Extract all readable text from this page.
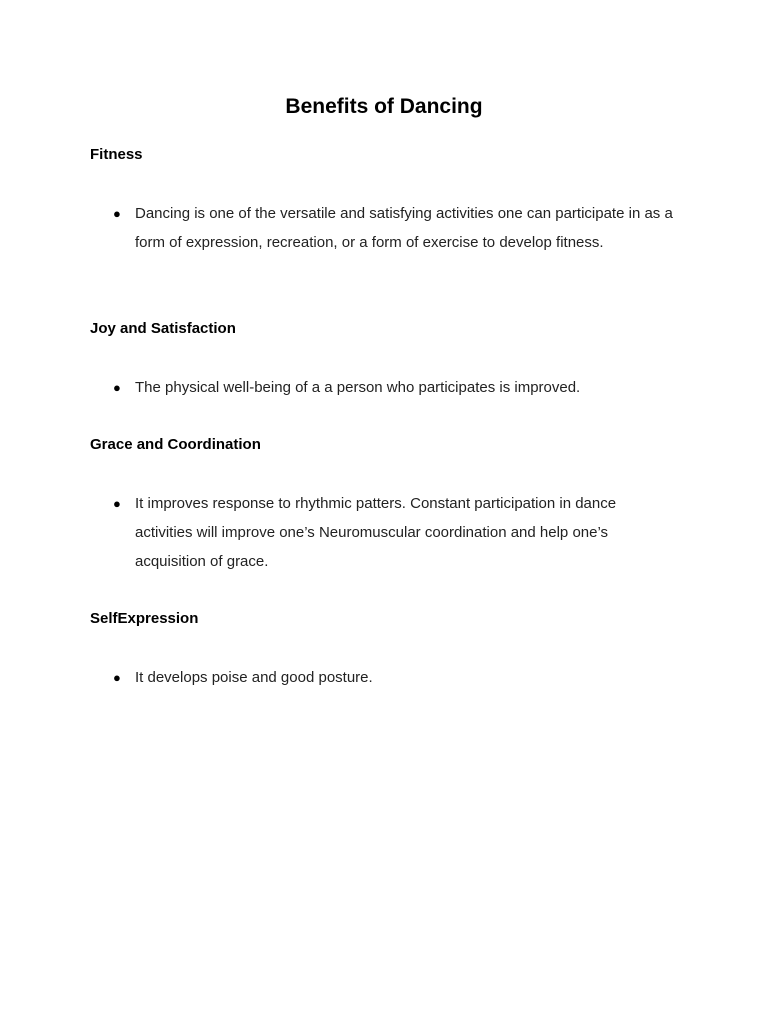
Benefits of Dancing
Fitness
● Dancing is one of the versatile and satisfying activities one can participate in as a form of expression, recreation, or a form of exercise to develop fitness.
Joy and Satisfaction
● The physical well-being of a a person who participates is improved.
Grace and Coordination
● It improves response to rhythmic patters. Constant participation in dance activities will improve one’s Neuromuscular coordination and help one’s acquisition of grace.
SelfExpression
● It develops poise and good posture.
